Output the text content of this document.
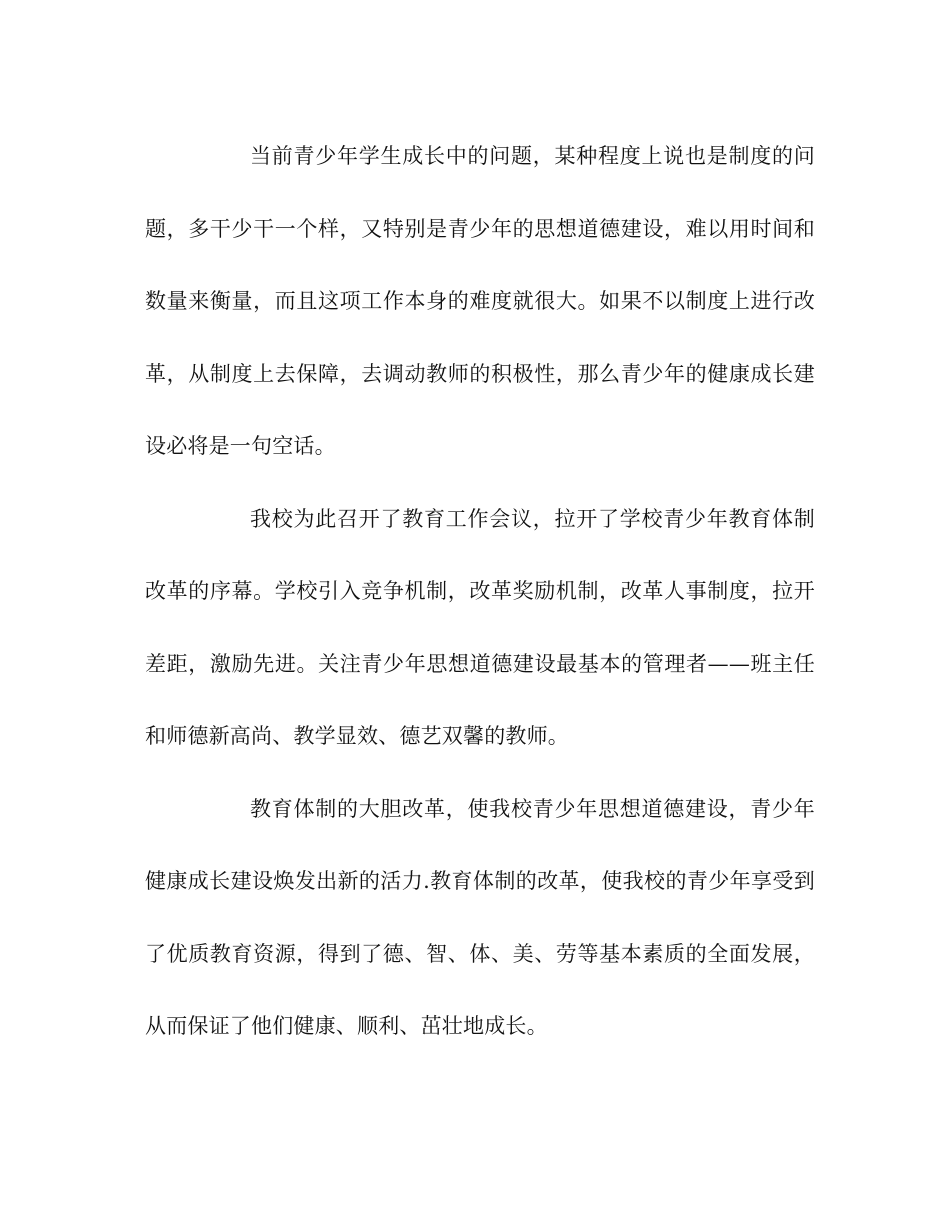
当前青少年学生成长中的问题，某种程度上说也是制度的问题，多干少干一个样，又特别是青少年的思想道德建设，难以用时间和数量来衡量，而且这项工作本身的难度就很大。如果不以制度上进行改革，从制度上去保障，去调动教师的积极性，那么青少年的健康成长建设必将是一句空话。

我校为此召开了教育工作会议，拉开了学校青少年教育体制改革的序幕。学校引入竞争机制，改革奖励机制，改革人事制度，拉开差距，激励先进。关注青少年思想道德建设最基本的管理者——班主任和师德新高尚、教学显效、德艺双馨的教师。

教育体制的大胆改革，使我校青少年思想道德建设，青少年健康成长建设焕发出新的活力.教育体制的改革，使我校的青少年享受到了优质教育资源，得到了德、智、体、美、劳等基本素质的全面发展，从而保证了他们健康、顺利、茁壮地成长。
